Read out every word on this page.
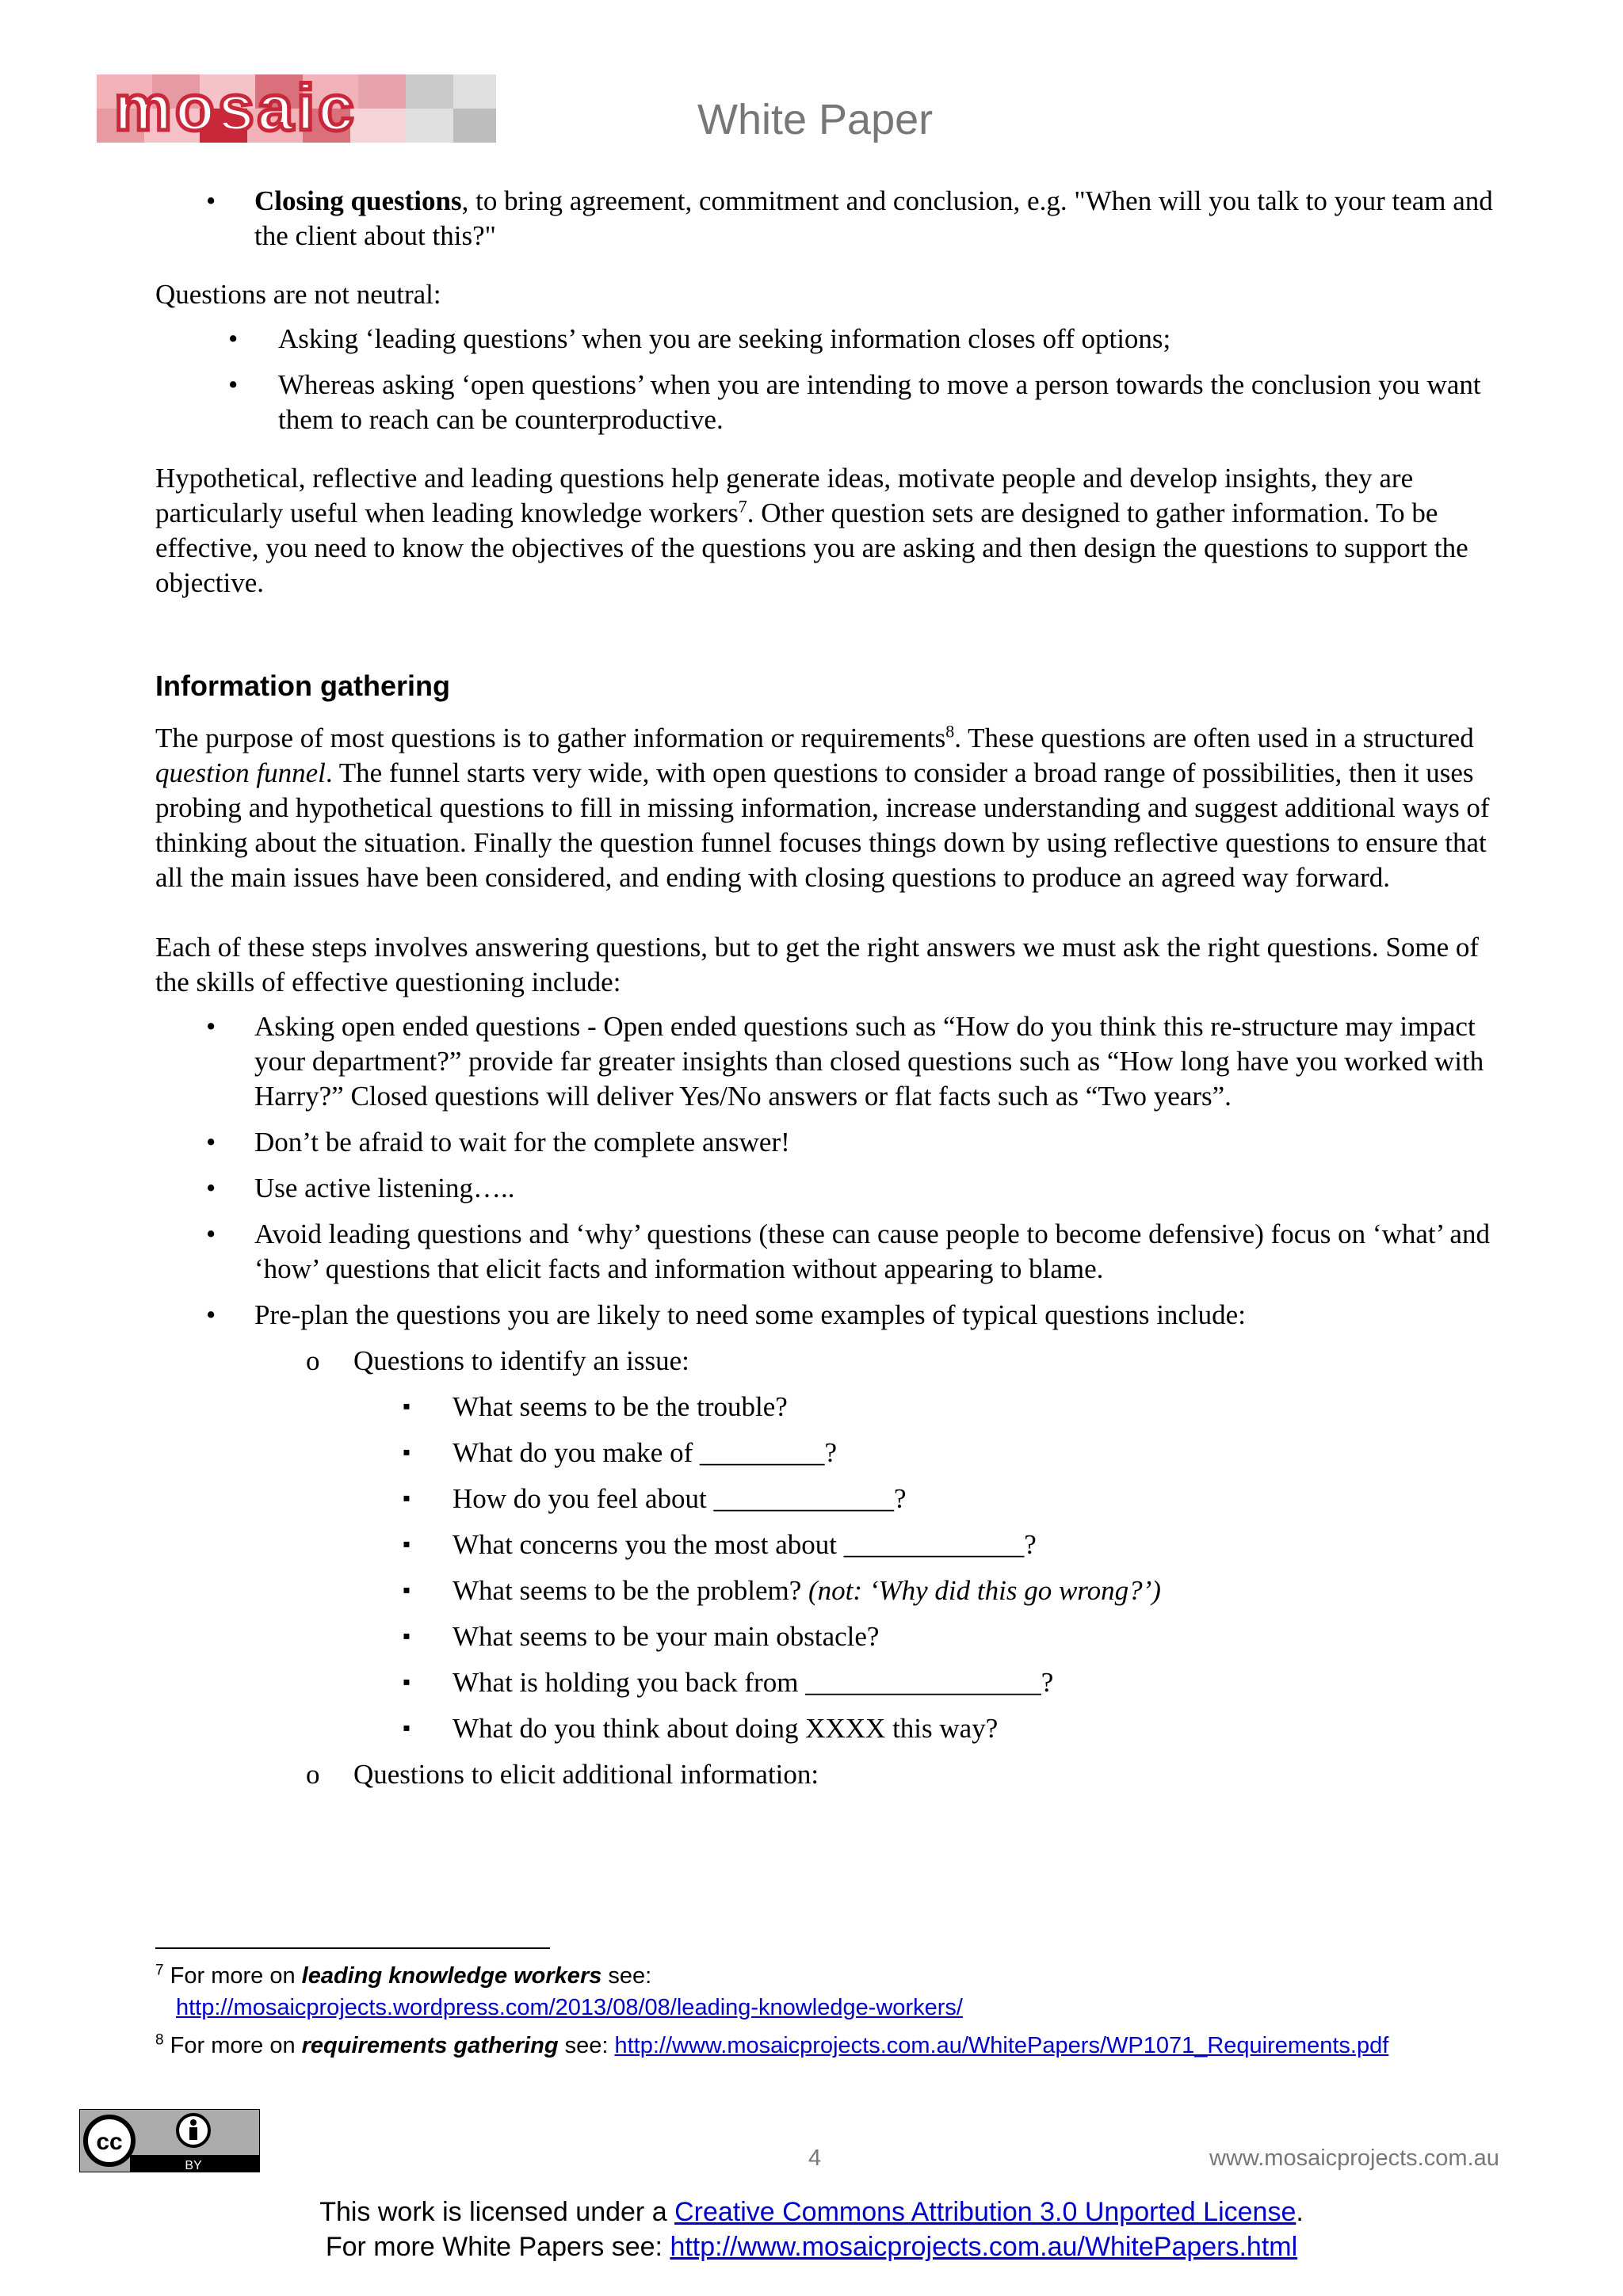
mosaic	White Paper
• Closing questions, to bring agreement, commitment and conclusion, e.g. "When will you talk to your team and the client about this?"

Questions are not neutral:

• Asking ‘leading questions’ when you are seeking information closes off options;
• Whereas asking ‘open questions’ when you are intending to move a person towards the conclusion you want them to reach can be counterproductive.

Hypothetical, reflective and leading questions help generate ideas, motivate people and develop insights, they are particularly useful when leading knowledge workers$^7$. Other question sets are designed to gather information. To be effective, you need to know the objectives of the questions you are asking and then design the questions to support the objective.

Information gathering

The purpose of most questions is to gather information or requirements$^8$. These questions are often used in a structured question funnel. The funnel starts very wide, with open questions to consider a broad range of possibilities, then it uses probing and hypothetical questions to fill in missing information, increase understanding and suggest additional ways of thinking about the situation. Finally the question funnel focuses things down by using reflective questions to ensure that all the main issues have been considered, and ending with closing questions to produce an agreed way forward.

Each of these steps involves answering questions, but to get the right answers we must ask the right questions. Some of the skills of effective questioning include:

• Asking open ended questions - Open ended questions such as “How do you think this re-structure may impact your department?” provide far greater insights than closed questions such as “How long have you worked with Harry?” Closed questions will deliver Yes/No answers or flat facts such as “Two years”.
• Don’t be afraid to wait for the complete answer!
• Use active listening…..
• Avoid leading questions and ‘why’ questions (these can cause people to become defensive) focus on ‘what’ and ‘how’ questions that elicit facts and information without appearing to blame.
• Pre-plan the questions you are likely to need some examples of typical questions include:
o Questions to identify an issue:
▪ What seems to be the trouble?
▪ What do you make of _________?
▪ How do you feel about _____________?
▪ What concerns you the most about _____________?
▪ What seems to be the problem? (not: ‘Why did this go wrong?’)
▪ What seems to be your main obstacle?
▪ What is holding you back from _________________?
▪ What do you think about doing XXXX this way?
o Questions to elicit additional information:
$^7$ For more on leading knowledge workers see:
http://mosaicprojects.wordpress.com/2013/08/08/leading-knowledge-workers/
$^8$ For more on requirements gathering see: http://www.mosaicprojects.com.au/WhitePapers/WP1071_Requirements.pdf
cc
BY	4	www.mosaicprojects.com.au
This work is licensed under a Creative Commons Attribution 3.0 Unported License.
For more White Papers see: http://www.mosaicprojects.com.au/WhitePapers.html
